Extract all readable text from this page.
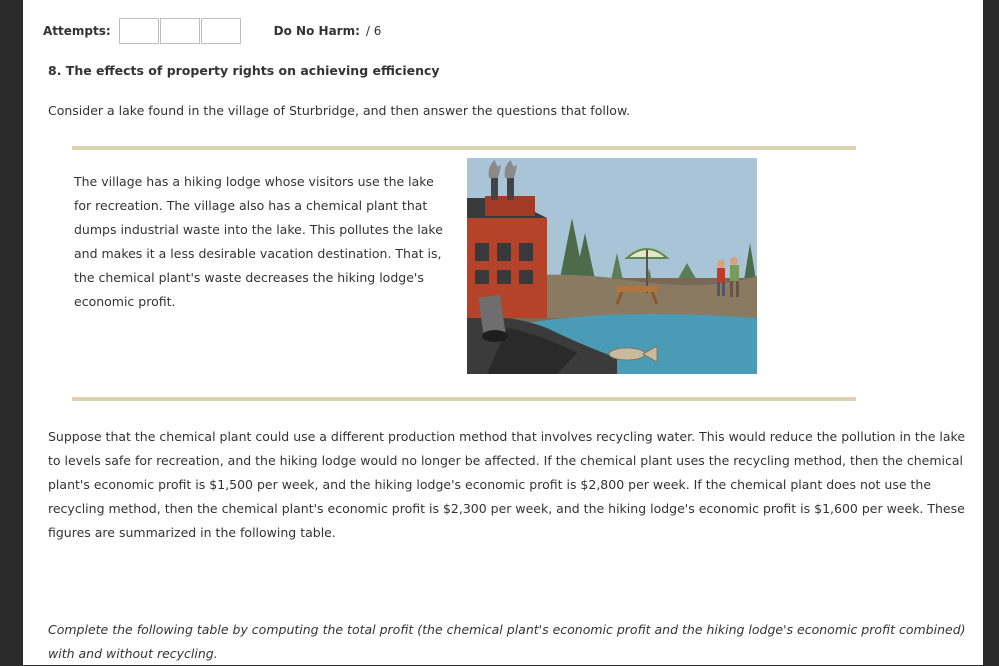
Attempts:	Do No Harm: / 6
8. The effects of property rights on achieving efficiency
Consider a lake found in the village of Sturbridge, and then answer the questions that follow.
The village has a hiking lodge whose visitors use the lake for recreation. The village also has a chemical plant that dumps industrial waste into the lake. This pollutes the lake and makes it a less desirable vacation destination. That is, the chemical plant's waste decreases the hiking lodge's economic profit.
Suppose that the chemical plant could use a different production method that involves recycling water. This would reduce the pollution in the lake to levels safe for recreation, and the hiking lodge would no longer be affected. If the chemical plant uses the recycling method, then the chemical plant's economic profit is $1,500 per week, and the hiking lodge's economic profit is $2,800 per week. If the chemical plant does not use the recycling method, then the chemical plant's economic profit is $2,300 per week, and the hiking lodge's economic profit is $1,600 per week. These figures are summarized in the following table.
Complete the following table by computing the total profit (the chemical plant's economic profit and the hiking lodge's economic profit combined) with and without recycling.
